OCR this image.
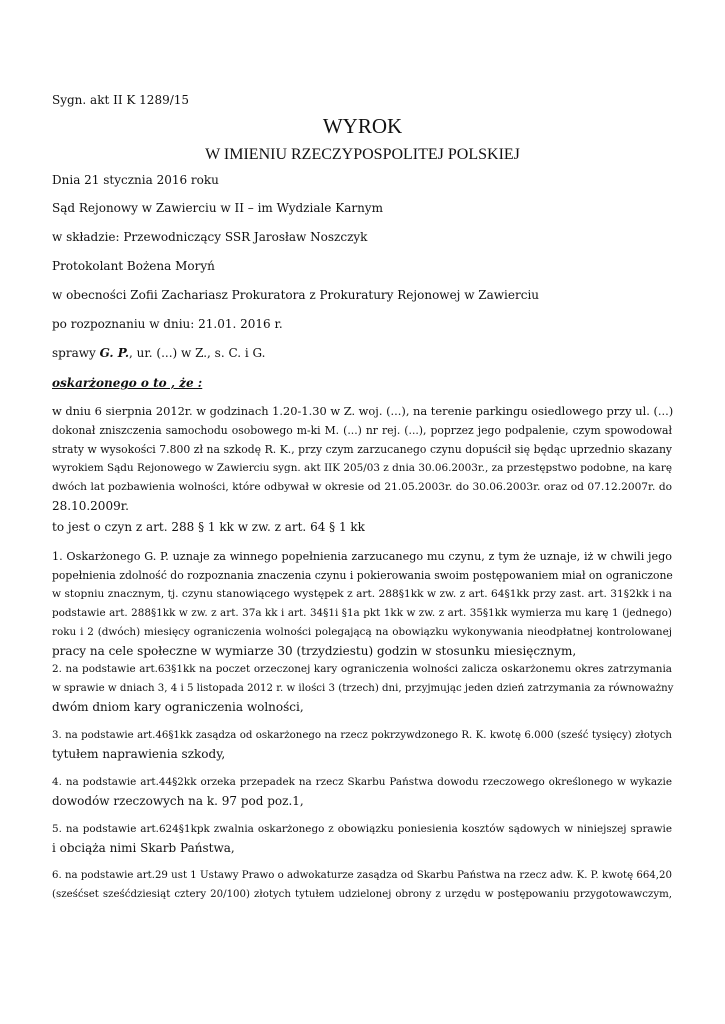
Sygn. akt II K 1289/15
WYROK
W IMIENIU RZECZYPOSPOLITEJ POLSKIEJ
Dnia 21 stycznia 2016 roku
Sąd Rejonowy w Zawierciu w II – im Wydziale Karnym
w składzie: Przewodniczący SSR Jarosław Noszczyk
Protokolant Bożena Moryń
w obecności Zofii Zachariasz Prokuratora z Prokuratury Rejonowej w Zawierciu
po rozpoznaniu w dniu: 21.01. 2016 r.
sprawy G. P., ur. (...) w Z., s. C. i G.
oskarżonego o to , że :
w dniu 6 sierpnia 2012r. w godzinach 1.20-1.30 w Z. woj. (...), na terenie parkingu osiedlowego przy ul. (...)
dokonał zniszczenia samochodu osobowego m-ki M. (...) nr rej. (...), poprzez jego podpalenie, czym spowodował
straty w wysokości 7.800 zł na szkodę R. K., przy czym zarzucanego czynu dopuścił się będąc uprzednio skazany
wyrokiem Sądu Rejonowego w Zawierciu sygn. akt IIK 205/03 z dnia 30.06.2003r., za przestępstwo podobne, na karę
dwóch lat pozbawienia wolności, które odbywał w okresie od 21.05.2003r. do 30.06.2003r. oraz od 07.12.2007r. do
28.10.2009r.
to jest o czyn z art. 288 § 1 kk w zw. z art. 64 § 1 kk
1. Oskarżonego G. P. uznaje za winnego popełnienia zarzucanego mu czynu, z tym że uznaje, iż w chwili jego
popełnienia zdolność do rozpoznania znaczenia czynu i pokierowania swoim postępowaniem miał on ograniczone
w stopniu znacznym, tj. czynu stanowiącego występek z art. 288§1kk w zw. z art. 64§1kk przy zast. art. 31§2kk i na
podstawie art. 288§1kk w zw. z art. 37a kk i art. 34§1i §1a pkt 1kk w zw. z art. 35§1kk wymierza mu karę 1 (jednego)
roku i 2 (dwóch) miesięcy ograniczenia wolności polegającą na obowiązku wykonywania nieodpłatnej kontrolowanej
pracy na cele społeczne w wymiarze 30 (trzydziestu) godzin w stosunku miesięcznym,
2. na podstawie art.63§1kk na poczet orzeczonej kary ograniczenia wolności zalicza oskarżonemu okres zatrzymania
w sprawie w dniach 3, 4 i 5 listopada 2012 r. w ilości 3 (trzech) dni, przyjmując jeden dzień zatrzymania za równoważny
dwóm dniom kary ograniczenia wolności,
3. na podstawie art.46§1kk zasądza od oskarżonego na rzecz pokrzywdzonego R. K. kwotę 6.000 (sześć tysięcy) złotych
tytułem naprawienia szkody,
4. na podstawie art.44§2kk orzeka przepadek na rzecz Skarbu Państwa dowodu rzeczowego określonego w wykazie
dowodów rzeczowych na k. 97 pod poz.1,
5. na podstawie art.624§1kpk zwalnia oskarżonego z obowiązku poniesienia kosztów sądowych w niniejszej sprawie
i obciąża nimi Skarb Państwa,
6. na podstawie art.29 ust 1 Ustawy Prawo o adwokaturze zasądza od Skarbu Państwa na rzecz adw. K. P. kwotę 664,20
(sześćset sześćdziesiąt cztery 20/100) złotych tytułem udzielonej obrony z urzędu w postępowaniu przygotowawczym,
